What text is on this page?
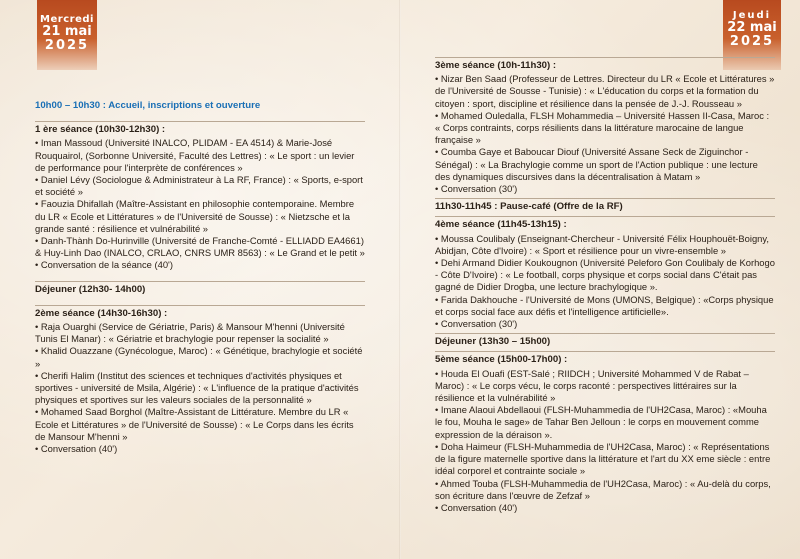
Mercredi
21 mai
2025
Jeudi
22 mai
2025
10h00 – 10h30 : Accueil, inscriptions et ouverture
1 ère séance (10h30-12h30) :
• Iman Massoud (Université INALCO, PLIDAM - EA 4514) & Marie-José Rouquairol, (Sorbonne Université, Faculté des Lettres) : « Le sport : un levier de performance pour l'interprète de conférences »
• Daniel Lévy (Sociologue & Administrateur à La RF, France) : « Sports, e-sport et société »
• Faouzia Dhifallah (Maître-Assistant en philosophie contemporaine. Membre du LR « Ecole et Littératures » de l'Université de Sousse) : « Nietzsche et la grande santé : résilience et vulnérabilité »
• Danh-Thành Do-Hurinville (Université de Franche-Comté - ELLIADD EA4661) & Huy-Linh Dao (INALCO, CRLAO, CNRS UMR 8563) : « Le Grand et le petit »
• Conversation de la séance (40')
Déjeuner (12h30- 14h00)
2ème séance (14h30-16h30) :
• Raja Ouarghi (Service de Gériatrie, Paris) & Mansour M'henni (Université Tunis El Manar) : « Gériatrie et brachylogie pour repenser la socialité »
• Khalid Ouazzane (Gynécologue, Maroc) : « Génétique, brachylogie et société »
• Cherifi Halim (Institut des sciences et techniques d'activités physiques et sportives - université de Msila, Algérie) : « L'influence de la pratique d'activités physiques et sportives sur les valeurs sociales de la personnalité »
• Mohamed Saad Borghol (Maître-Assistant de Littérature. Membre du LR « Ecole et Littératures » de l'Université de Sousse) : « Le Corps dans les écrits de Mansour M'henni »
• Conversation (40')
3ème séance (10h-11h30) :
• Nizar Ben Saad (Professeur de Lettres. Directeur du LR « Ecole et Littératures » de l'Université de Sousse - Tunisie) : « L'éducation du corps et la formation du citoyen : sport, discipline et résilience dans la pensée de J.-J. Rousseau »
• Mohamed Ouledalla, FLSH Mohammedia – Université Hassen II-Casa, Maroc : « Corps contraints, corps résilients dans la littérature marocaine de langue française »
• Coumba Gaye et Baboucar Diouf (Université Assane Seck de Ziguinchor - Sénégal) : « La Brachylogie comme un sport de l'Action publique : une lecture des dynamiques discursives dans la décentralisation à Matam »
• Conversation (30')
11h30-11h45 : Pause-café (Offre de la RF)
4ème séance (11h45-13h15) :
• Moussa Coulibaly (Enseignant-Chercheur - Université Félix Houphouët-Boigny, Abidjan, Côte d'Ivoire) : « Sport et résilience pour un vivre-ensemble »
• Dehi Armand Didier Koukougnon (Université Peleforo Gon Coulibaly de Korhogo - Côte D'Ivoire) : « Le football, corps physique et corps social dans C'était pas gagné de Didier Drogba, une lecture brachylogique ».
• Farida Dakhouche - l'Université de Mons (UMONS, Belgique) : «Corps physique et corps social face aux défis et l'intelligence artificielle».
• Conversation (30')
Déjeuner (13h30 – 15h00)
5ème séance (15h00-17h00) :
• Houda El Ouafi (EST-Salé ; RIIDCH ; Université Mohammed V de Rabat – Maroc) : « Le corps vécu, le corps raconté : perspectives littéraires sur la résilience et la vulnérabilité »
• Imane Alaoui Abdellaoui (FLSH-Muhammedia de l'UH2Casa, Maroc) : «Mouha le fou, Mouha le sage» de Tahar Ben Jelloun : le corps en mouvement comme expression de la déraison ».
• Doha Haimeur (FLSH-Muhammedia de l'UH2Casa, Maroc) : « Représentations de la figure maternelle sportive dans la littérature et l'art du XX eme siècle : entre idéal corporel et contrainte sociale »
• Ahmed Touba (FLSH-Muhammedia de l'UH2Casa, Maroc) : « Au-delà du corps, son écriture dans l'œuvre de Zefzaf »
• Conversation (40')
